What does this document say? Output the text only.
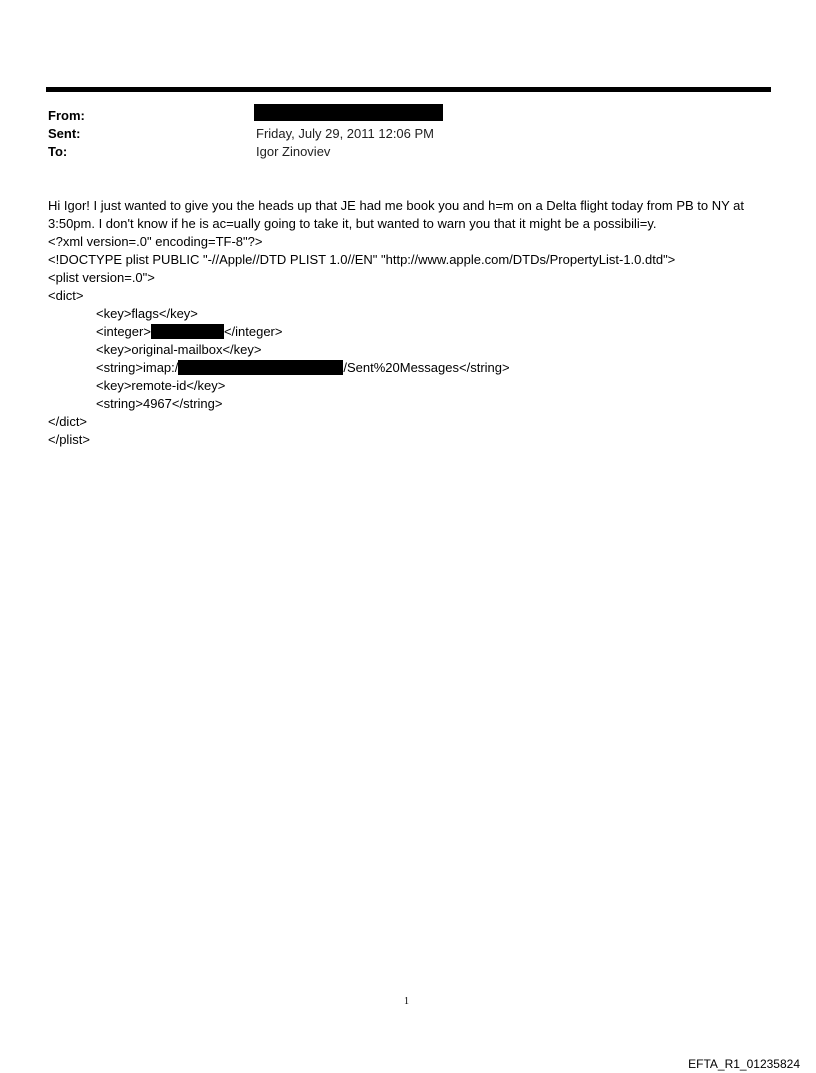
From:
Sent:	Friday, July 29, 2011 12:06 PM
To:	Igor Zinoviev
Hi Igor! I just wanted to give you the heads up that JE had me book you and h=m on a Delta flight today from PB to NY at
3:50pm. I don't know if he is ac=ually going to take it, but wanted to warn you that it might be a possibili=y.
<?xml version=.0" encoding=TF-8"?>
<!DOCTYPE plist PUBLIC "-//Apple//DTD PLIST 1.0//EN" "http://www.apple.com/DTDs/PropertyList-1.0.dtd">
<plist version=.0">
<dict>
<key>flags</key>
<integer>	</integer>
<key>original-mailbox</key>
<string>imap:/	/Sent%20Messages</string>
<key>remote-id</key>
<string>4967</string>
</dict>
</plist>
1
EFTA_R1_01235824
